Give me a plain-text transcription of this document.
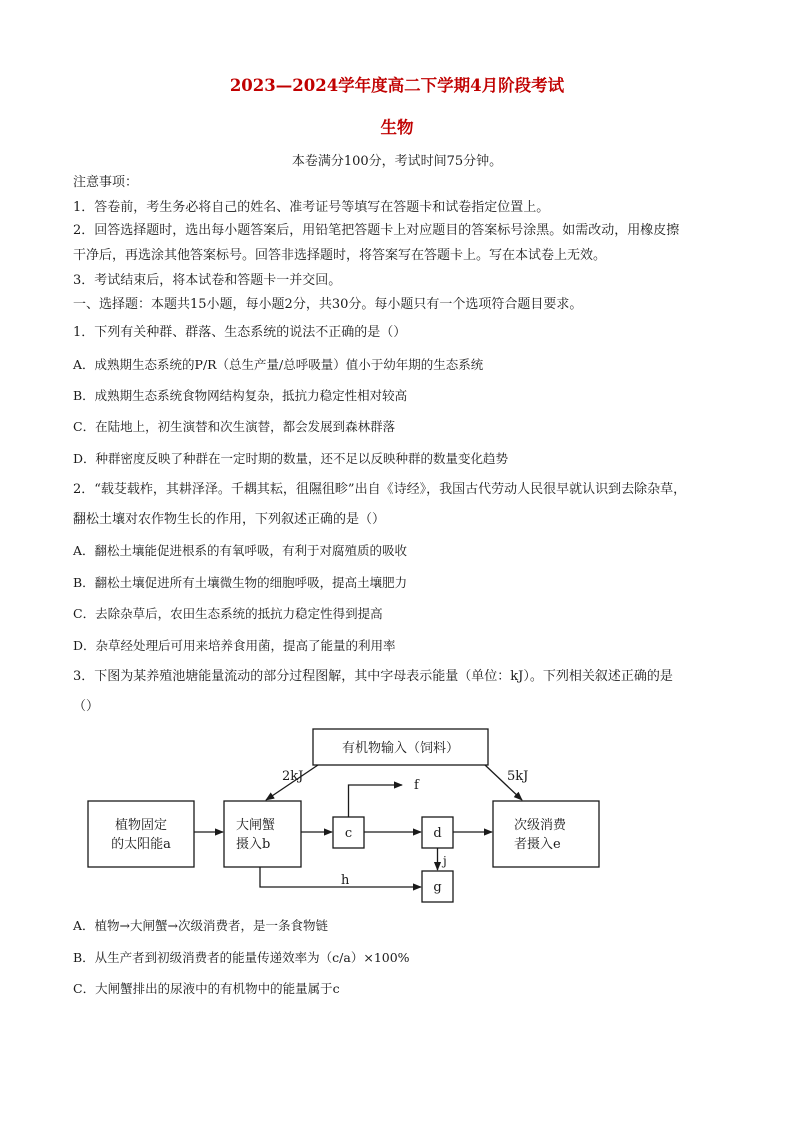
2023—2024学年度高二下学期4月阶段考试
生物
本卷满分100分，考试时间75分钟。
注意事项：
1．答卷前，考生务必将自己的姓名、准考证号等填写在答题卡和试卷指定位置上。
2．回答选择题时，选出每小题答案后，用铅笔把答题卡上对应题目的答案标号涂黑。如需改动，用橡皮擦
干净后，再选涂其他答案标号。回答非选择题时，将答案写在答题卡上。写在本试卷上无效。
3．考试结束后，将本试卷和答题卡一并交回。
一、选择题：本题共15小题，每小题2分，共30分。每小题只有一个选项符合题目要求。
1．下列有关种群、群落、生态系统的说法不正确的是（）
A．成熟期生态系统的P/R（总生产量/总呼吸量）值小于幼年期的生态系统
B．成熟期生态系统食物网结构复杂，抵抗力稳定性相对较高
C．在陆地上，初生演替和次生演替，都会发展到森林群落
D．种群密度反映了种群在一定时期的数量，还不足以反映种群的数量变化趋势
2．“载芟载柞，其耕泽泽。千耦其耘，徂隰徂畛”出自《诗经》，我国古代劳动人民很早就认识到去除杂草，
翻松土壤对农作物生长的作用，下列叙述正确的是（）
A．翻松土壤能促进根系的有氧呼吸，有利于对腐殖质的吸收
B．翻松土壤促进所有土壤微生物的细胞呼吸，提高土壤肥力
C．去除杂草后，农田生态系统的抵抗力稳定性得到提高
D．杂草经处理后可用来培养食用菌，提高了能量的利用率
3．下图为某养殖池塘能量流动的部分过程图解，其中字母表示能量（单位：kJ）。下列相关叙述正确的是
（）
有机物输入（饲料）
植物固定
的太阳能a
大闸蟹
摄入b
c	d
g
次级消费
者摄入e
2kJ	5kJ
f
h
j
A．植物→大闸蟹→次级消费者，是一条食物链
B．从生产者到初级消费者的能量传递效率为（c/a）×100%
C．大闸蟹排出的尿液中的有机物中的能量属于c
